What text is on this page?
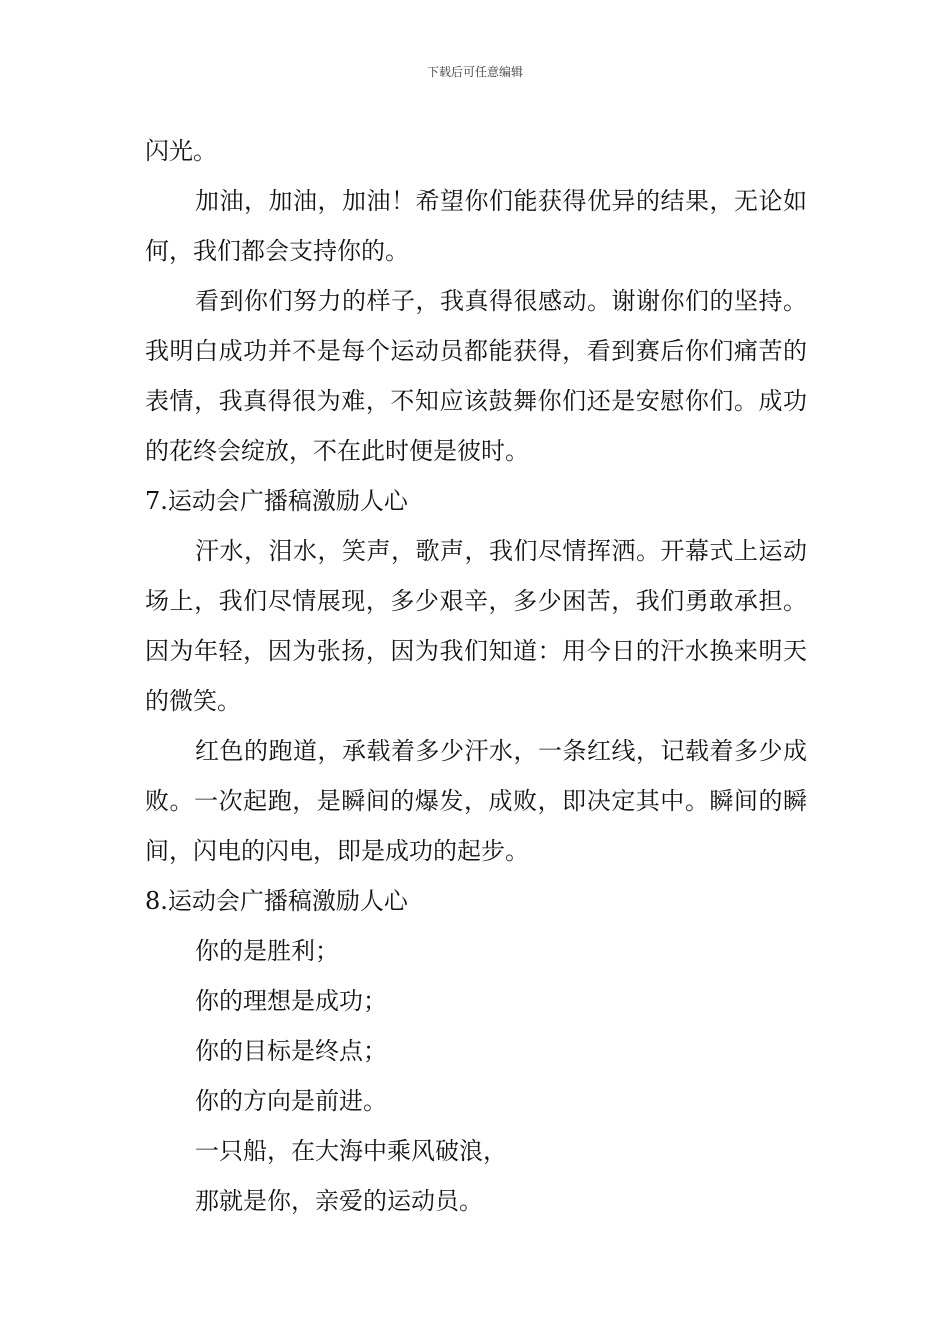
下载后可任意编辑

闪光。

加油，加油，加油！希望你们能获得优异的结果，无论如何，我们都会支持你的。

看到你们努力的样子，我真得很感动。谢谢你们的坚持。我明白成功并不是每个运动员都能获得，看到赛后你们痛苦的表情，我真得很为难，不知应该鼓舞你们还是安慰你们。成功的花终会绽放，不在此时便是彼时。

7.运动会广播稿激励人心

汗水，泪水，笑声，歌声，我们尽情挥洒。开幕式上运动场上，我们尽情展现，多少艰辛，多少困苦，我们勇敢承担。因为年轻，因为张扬，因为我们知道：用今日的汗水换来明天的微笑。

红色的跑道，承载着多少汗水，一条红线，记载着多少成败。一次起跑，是瞬间的爆发，成败，即决定其中。瞬间的瞬间，闪电的闪电，即是成功的起步。

8.运动会广播稿激励人心

你的是胜利；

你的理想是成功；

你的目标是终点；

你的方向是前进。

一只船，在大海中乘风破浪，

那就是你，亲爱的运动员。
